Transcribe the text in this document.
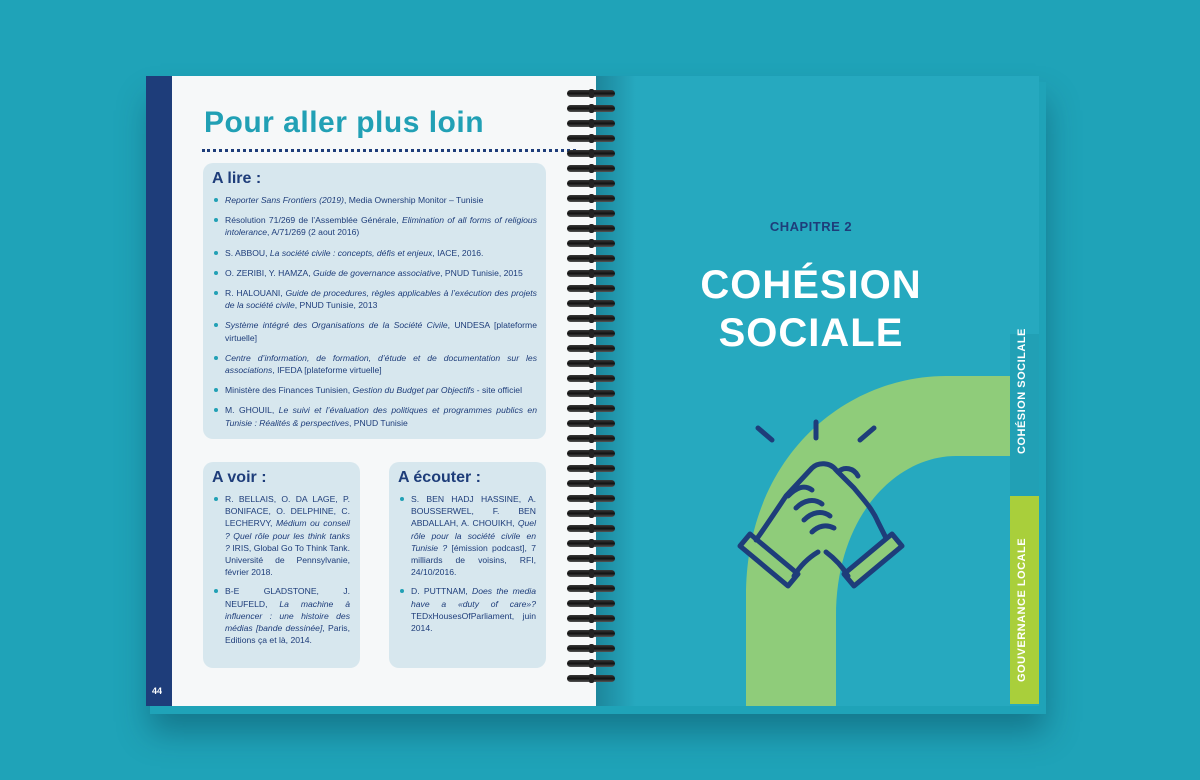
44
Pour aller plus loin
A lire :
Reporter Sans Frontiers (2019), Media Ownership Monitor – Tunisie
Résolution 71/269 de l’Assemblée Générale, Elimination of all forms of religious intolerance, A/71/269 (2 aout 2016)
S. ABBOU, La société civile : concepts, défis et enjeux, IACE, 2016.
O. ZERIBI, Y. HAMZA, Guide de governance associative, PNUD Tunisie, 2015
R. HALOUANI, Guide de procedures, règles applicables à l’exécution des projets de la société civile, PNUD Tunisie, 2013
Système intégré des Organisations de la Société Civile, UNDESA [plateforme virtuelle]
Centre d’information, de formation, d’étude et de documentation sur les associations, IFEDA [plateforme virtuelle]
Ministère des Finances Tunisien, Gestion du Budget par Objectifs - site officiel
M. GHOUIL, Le suivi et l’évaluation des politiques et programmes publics en Tunisie : Réalités & perspectives, PNUD Tunisie
A voir :
R. BELLAIS, O. DA LAGE, P. BONIFACE, O. DELPHINE, C. LECHERVY, Médium ou conseil ? Quel rôle pour les think tanks ? IRIS, Global Go To Think Tank. Université de Pennsylvanie, février 2018.
B-E GLADSTONE, J. NEUFELD, La machine à influencer : une histoire des médias [bande dessinée], Paris, Editions ça et là, 2014.
A écouter :
S. BEN HADJ HASSINE, A. BOUSSERWEL, F. BEN ABDALLAH, A. CHOUIKH, Quel rôle pour la société civile en Tunisie ? [émission podcast], 7 milliards de voisins, RFI, 24/10/2016.
D. PUTTNAM, Does the media have a «duty of care»? TEDxHousesOfParliament, juin 2014.
CHAPITRE 2
COHÉSION
SOCIALE	COHÉSION SOCILALE
GOUVERNANCE LOCALE
